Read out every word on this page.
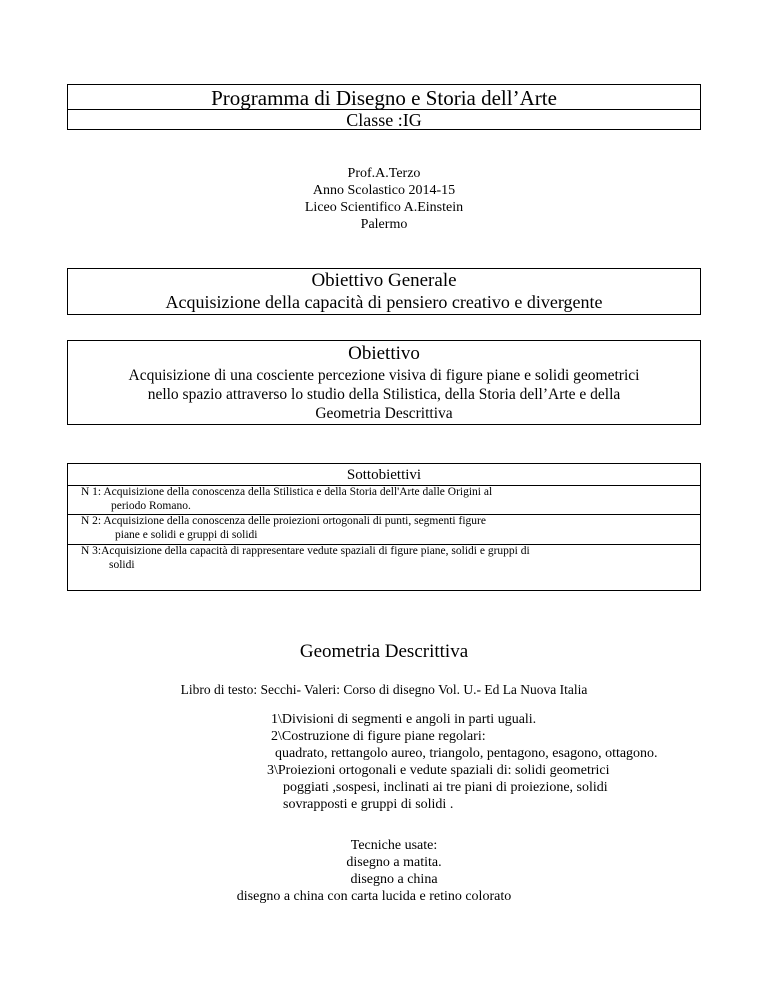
Programma di Disegno e Storia dell’Arte
Classe :IG
Prof.A.Terzo
Anno Scolastico 2014-15
Liceo Scientifico A.Einstein
Palermo
Obiettivo Generale
Acquisizione della capacità di pensiero creativo e divergente
Obiettivo
Acquisizione di una cosciente percezione visiva di figure piane e solidi geometrici
nello spazio attraverso lo studio della Stilistica, della Storia dell’Arte e della
Geometria Descrittiva
Sottobiettivi
N 1: Acquisizione della conoscenza della Stilistica e della Storia dell'Arte dalle Origini al
periodo Romano.
N 2: Acquisizione della conoscenza delle proiezioni ortogonali di punti, segmenti figure
piane e solidi e gruppi di solidi
N 3:Acquisizione della capacità di rappresentare vedute spaziali di figure piane, solidi e gruppi di
solidi
Geometria Descrittiva
Libro di testo: Secchi- Valeri: Corso di disegno Vol. U.- Ed La Nuova Italia
1\Divisioni di segmenti e angoli in parti uguali.
2\Costruzione di figure piane regolari:
quadrato, rettangolo aureo, triangolo, pentagono, esagono, ottagono.
3\Proiezioni ortogonali e vedute spaziali di: solidi geometrici
poggiati ,sospesi, inclinati ai tre piani di proiezione, solidi
sovrapposti e gruppi di solidi .
Tecniche usate:
disegno a matita.
disegno a china
disegno a china con carta lucida e retino colorato
